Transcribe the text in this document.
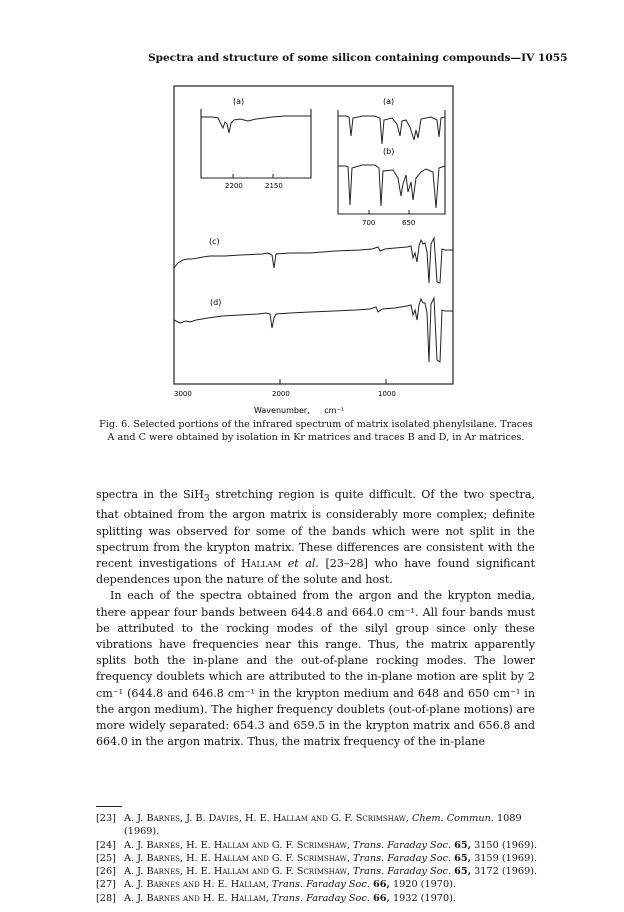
Spectra and structure of some silicon containing compounds—IV 1055
(a)
2200	2150
(a)
(b)
700	650
(c)
(d)
3000	2000	1000
Wavenumber, cm⁻¹
Fig. 6. Selected portions of the infrared spectrum of matrix isolated phenylsilane. Traces A and C were obtained by isolation in Kr matrices and traces B and D, in Ar matrices.

spectra in the SiH$_3$ stretching region is quite difficult. Of the two spectra, that obtained from the argon matrix is considerably more complex; definite splitting was observed for some of the bands which were not split in the spectrum from the krypton matrix. These differences are consistent with the recent investigations of Hallam et al. [23–28] who have found significant dependences upon the nature of the solute and host.

In each of the spectra obtained from the argon and the krypton media, there appear four bands between 644.8 and 664.0 cm⁻¹. All four bands must be attributed to the rocking modes of the silyl group since only these vibrations have frequencies near this range. Thus, the matrix apparently splits both the in-plane and the out-of-plane rocking modes. The lower frequency doublets which are attributed to the in-plane motion are split by 2 cm⁻¹ (644.8 and 646.8 cm⁻¹ in the krypton medium and 648 and 650 cm⁻¹ in the argon medium). The higher frequency doublets (out-of-plane motions) are more widely separated: 654.3 and 659.5 in the krypton matrix and 656.8 and 664.0 in the argon matrix. Thus, the matrix frequency of the in-plane

[23] A. J. Barnes, J. B. Davies, H. E. Hallam and G. F. Scrimshaw, Chem. Commun. 1089 (1969).
[24] A. J. Barnes, H. E. Hallam and G. F. Scrimshaw, Trans. Faraday Soc. 65, 3150 (1969).
[25] A. J. Barnes, H. E. Hallam and G. F. Scrimshaw, Trans. Faraday Soc. 65, 3159 (1969).
[26] A. J. Barnes, H. E. Hallam and G. F. Scrimshaw, Trans. Faraday Soc. 65, 3172 (1969).
[27] A. J. Barnes and H. E. Hallam, Trans. Faraday Soc. 66, 1920 (1970).
[28] A. J. Barnes and H. E. Hallam, Trans. Faraday Soc. 66, 1932 (1970).
